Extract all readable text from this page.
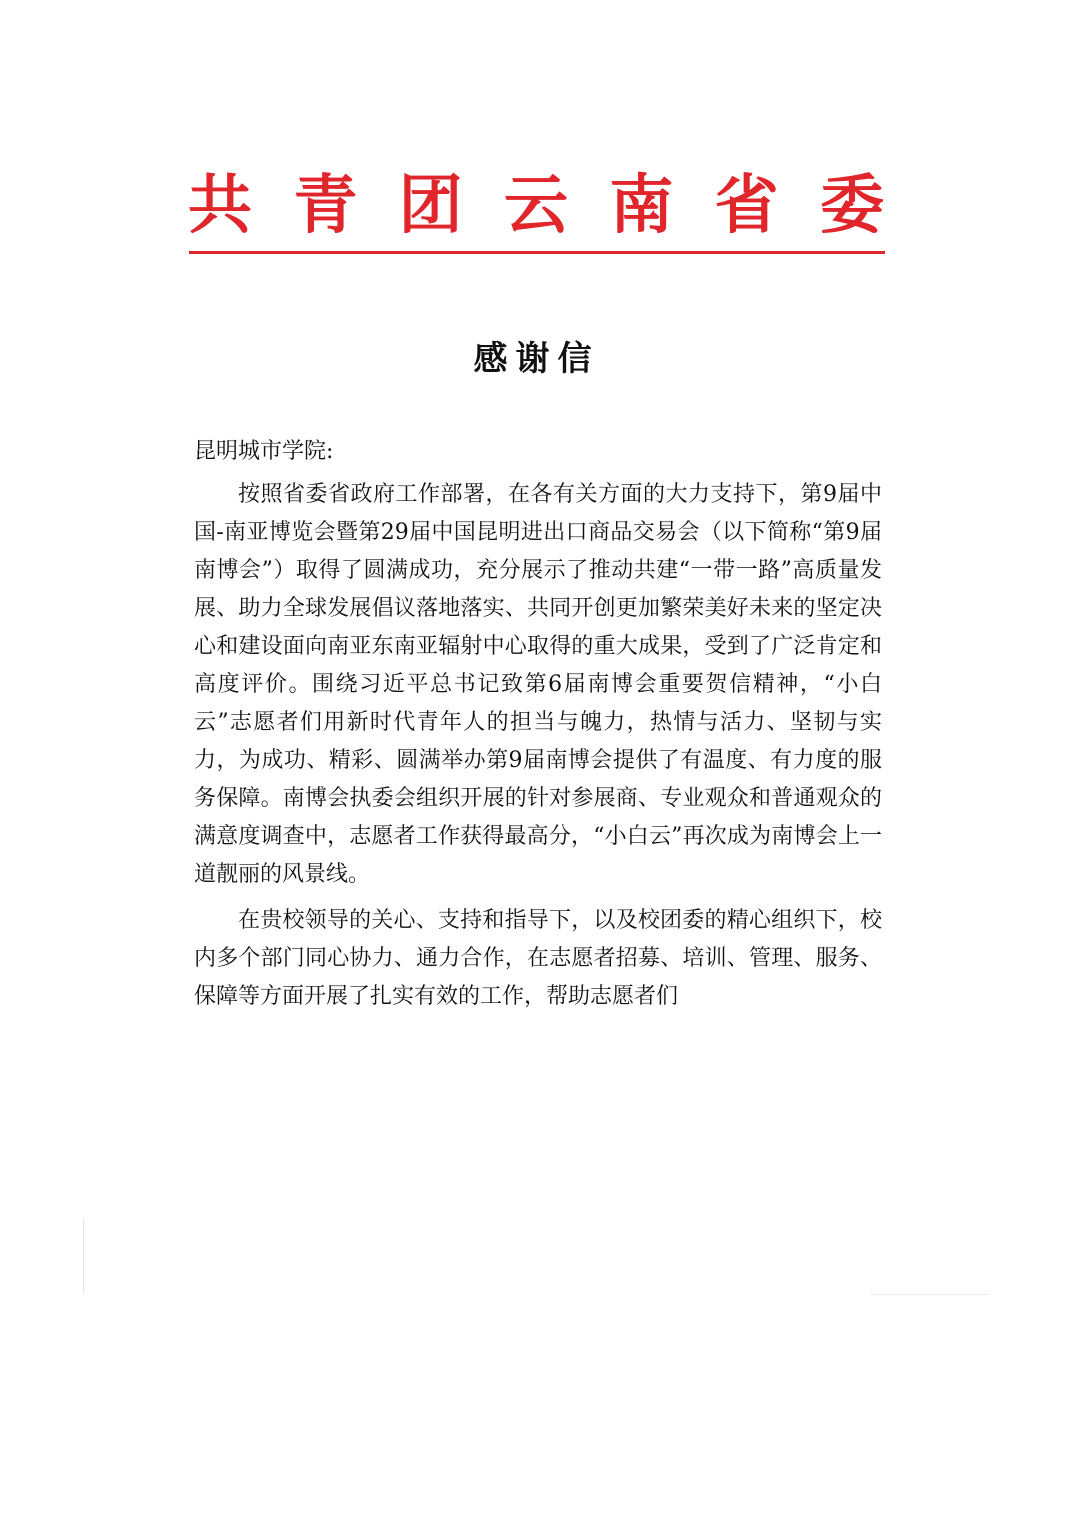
共 青 团 云 南 省 委
感谢信
昆明城市学院:

按照省委省政府工作部署，在各有关方面的大力支持下，第9届中国-南亚博览会暨第29届中国昆明进出口商品交易会（以下简称“第9届南博会”）取得了圆满成功，充分展示了推动共建“一带一路”高质量发展、助力全球发展倡议落地落实、共同开创更加繁荣美好未来的坚定决心和建设面向南亚东南亚辐射中心取得的重大成果，受到了广泛肯定和高度评价。围绕习近平总书记致第6届南博会重要贺信精神，“小白云”志愿者们用新时代青年人的担当与魄力，热情与活力、坚韧与实力，为成功、精彩、圆满举办第9届南博会提供了有温度、有力度的服务保障。南博会执委会组织开展的针对参展商、专业观众和普通观众的满意度调查中，志愿者工作获得最高分，“小白云”再次成为南博会上一道靓丽的风景线。

在贵校领导的关心、支持和指导下，以及校团委的精心组织下，校内多个部门同心协力、通力合作，在志愿者招募、培训、管理、服务、保障等方面开展了扎实有效的工作，帮助志愿者们
